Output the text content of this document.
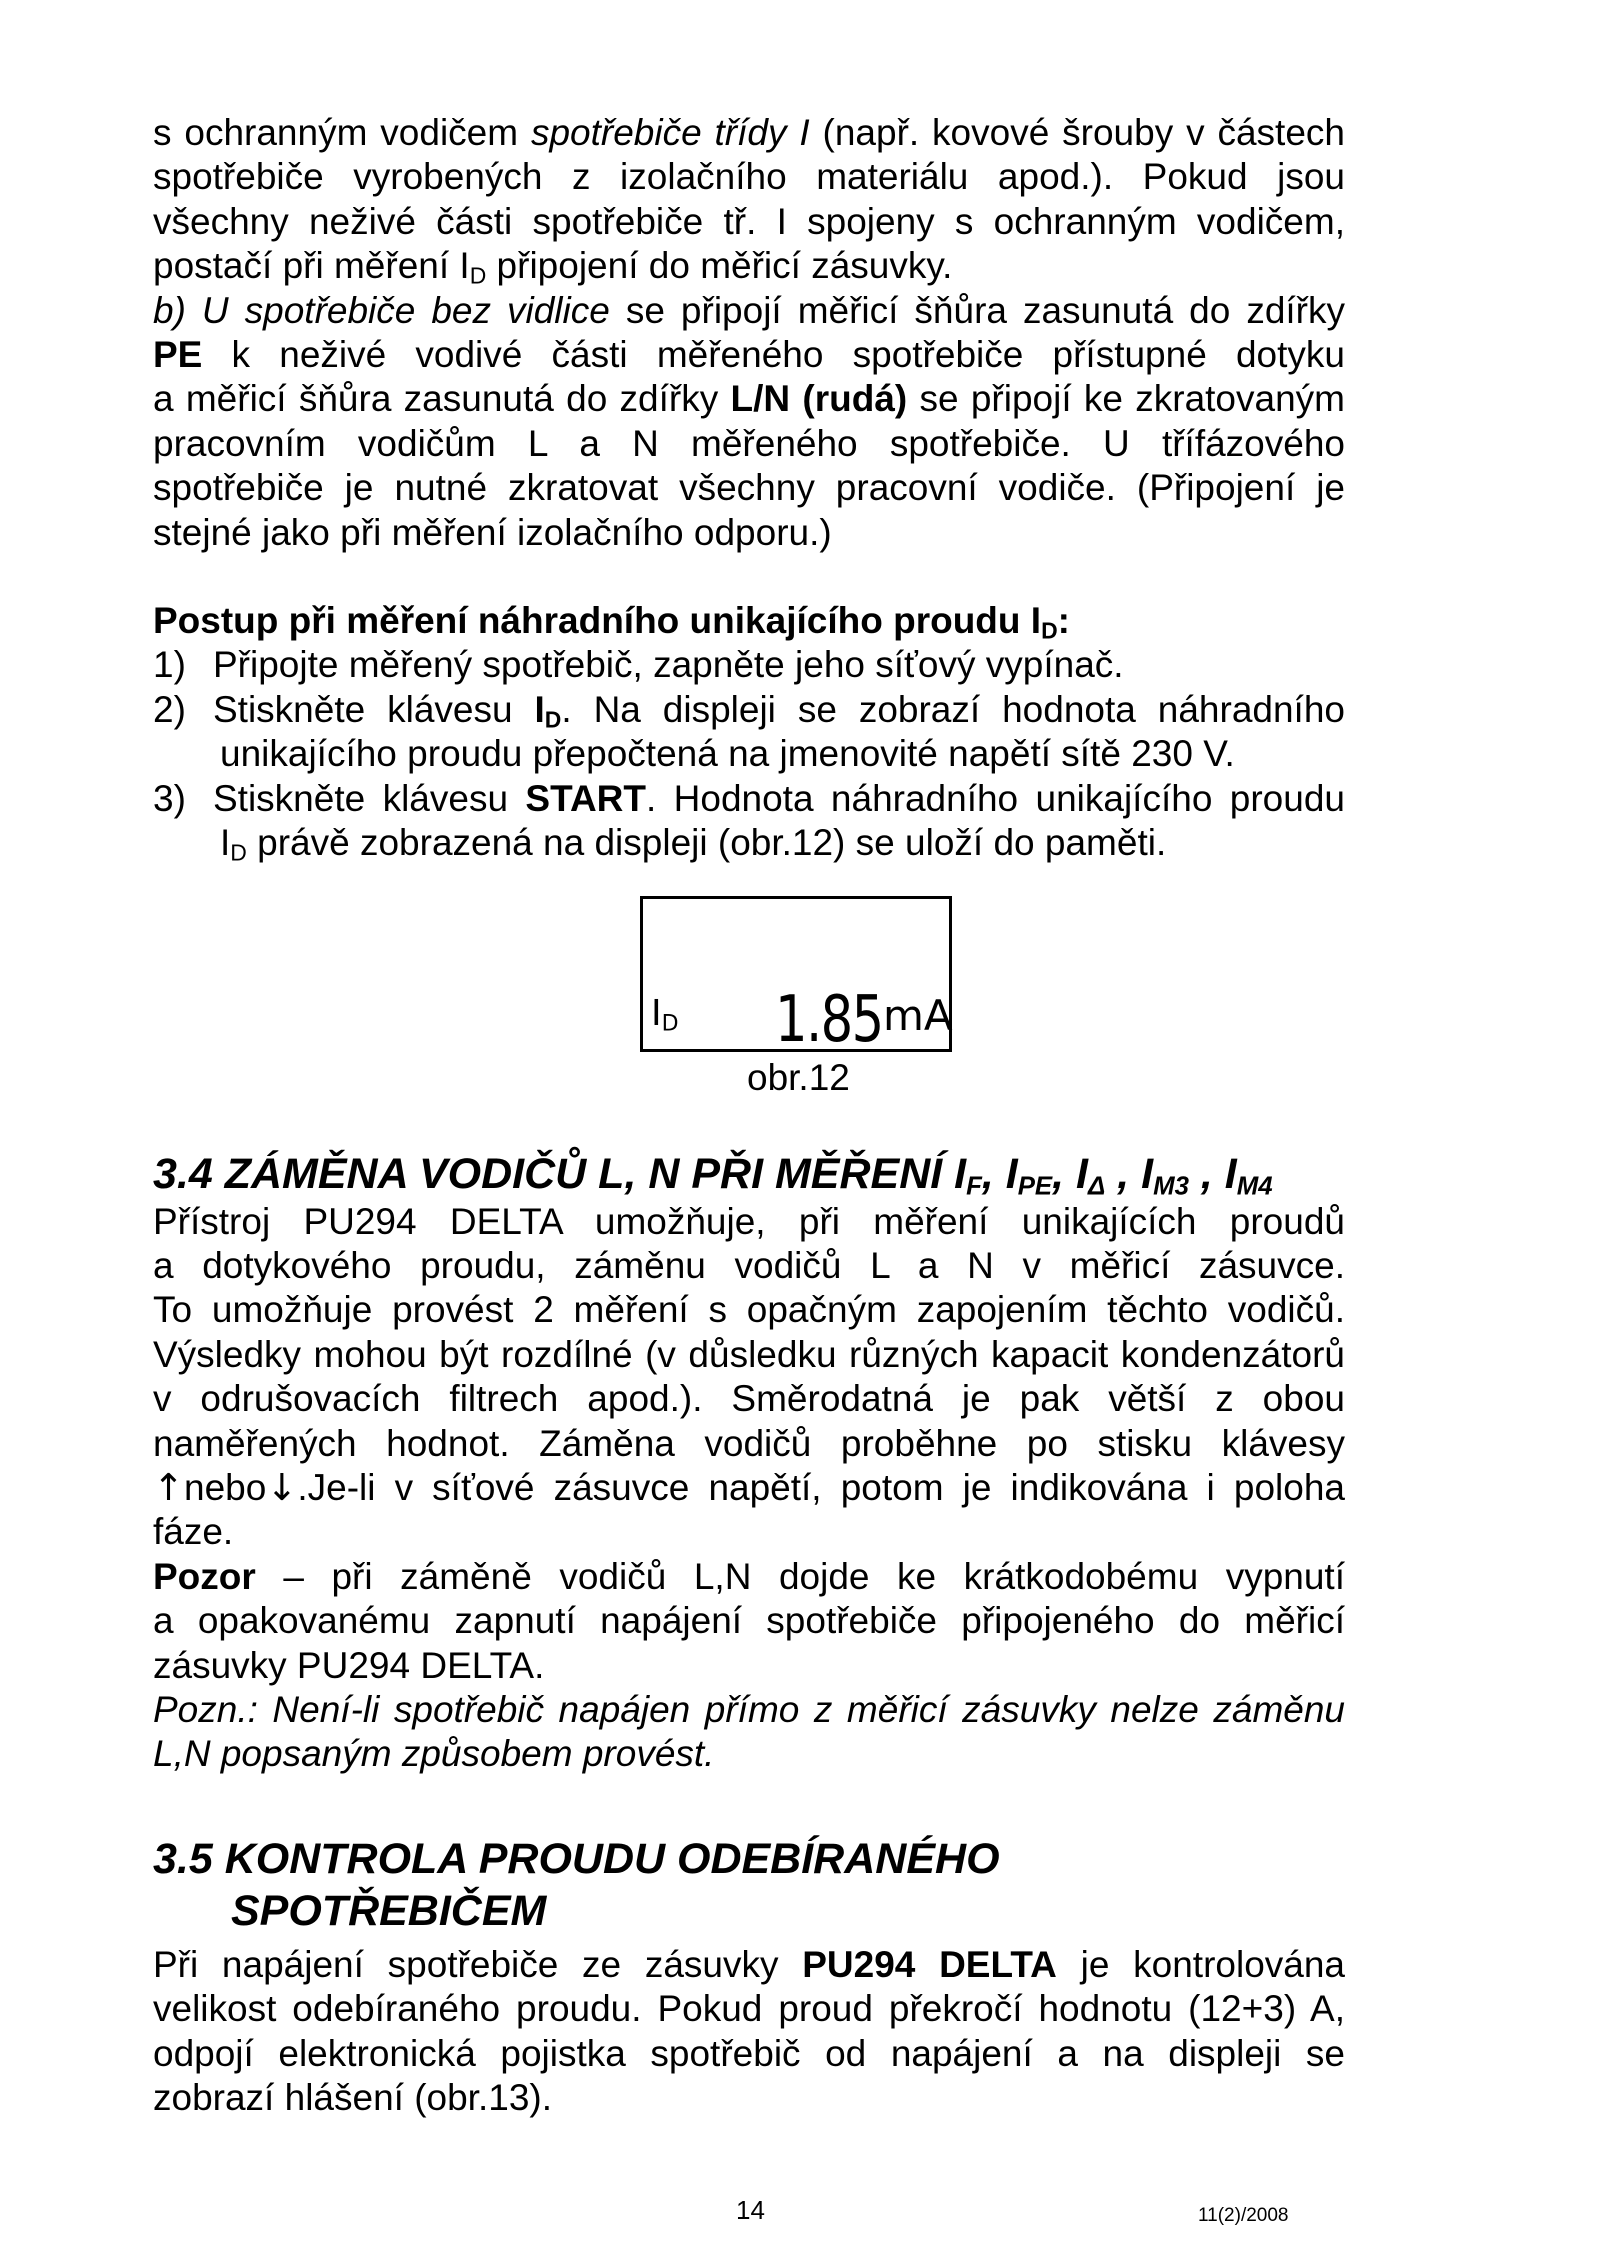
s ochranným vodičem spotřebiče třídy I (např. kovové šrouby v částech

spotřebiče vyrobených z izolačního materiálu apod.). Pokud jsou

všechny neživé části spotřebiče tř. I spojeny s ochranným vodičem,

postačí při měření $I_D$ připojení do měřicí zásuvky.

b) U spotřebiče bez vidlice se připojí měřicí šňůra zasunutá do zdířky

PE k neživé vodivé části měřeného spotřebiče přístupné dotyku

a měřicí šňůra zasunutá do zdířky L/N (rudá) se připojí ke zkratovaným

pracovním vodičům L a N měřeného spotřebiče. U třífázového

spotřebiče je nutné zkratovat všechny pracovní vodiče. (Připojení je

stejné jako při měření izolačního odporu.)

Postup při měření náhradního unikajícího proudu $I_D$:

1) Připojte měřený spotřebič, zapněte jeho síťový vypínač.
2) Stiskněte klávesu $I_D$. Na displeji se zobrazí hodnota náhradního

unikajícího proudu přepočtená na jmenovité napětí sítě 230 V.

3) Stiskněte klávesu START. Hodnota náhradního unikajícího proudu

$I_D$ právě zobrazená na displeji (obr.12) se uloží do paměti.

$I_D$ 1.85 mA
obr.12
3.4 ZÁMĚNA VODIČŮ L, N PŘI MĚŘENÍ $I_F$, $I_{PE}$, $I_\Delta$ , $I_{M3}$ , $I_{M4}$

Přístroj PU294 DELTA umožňuje, při měření unikajících proudů

a dotykového proudu, záměnu vodičů L a N v měřicí zásuvce.

To umožňuje provést 2 měření s opačným zapojením těchto vodičů.

Výsledky mohou být rozdílné (v důsledku různých kapacit kondenzátorů

v odrušovacích filtrech apod.). Směrodatná je pak větší z obou

naměřených hodnot. Záměna vodičů proběhne po stisku klávesy

↑nebo↓.Je-li v síťové zásuvce napětí, potom je indikována i poloha

fáze.

Pozor – při záměně vodičů L,N dojde ke krátkodobému vypnutí

a opakovanému zapnutí napájení spotřebiče připojeného do měřicí

zásuvky PU294 DELTA.

Pozn.: Není-li spotřebič napájen přímo z měřicí zásuvky nelze záměnu

L,N popsaným způsobem provést.

3.5 KONTROLA PROUDU ODEBÍRANÉHO
SPOTŘEBIČEM

Při napájení spotřebiče ze zásuvky PU294 DELTA je kontrolována

velikost odebíraného proudu. Pokud proud překročí hodnotu (12+3) A,

odpojí elektronická pojistka spotřebič od napájení a na displeji se

zobrazí hlášení (obr.13).

14	11(2)/2008
